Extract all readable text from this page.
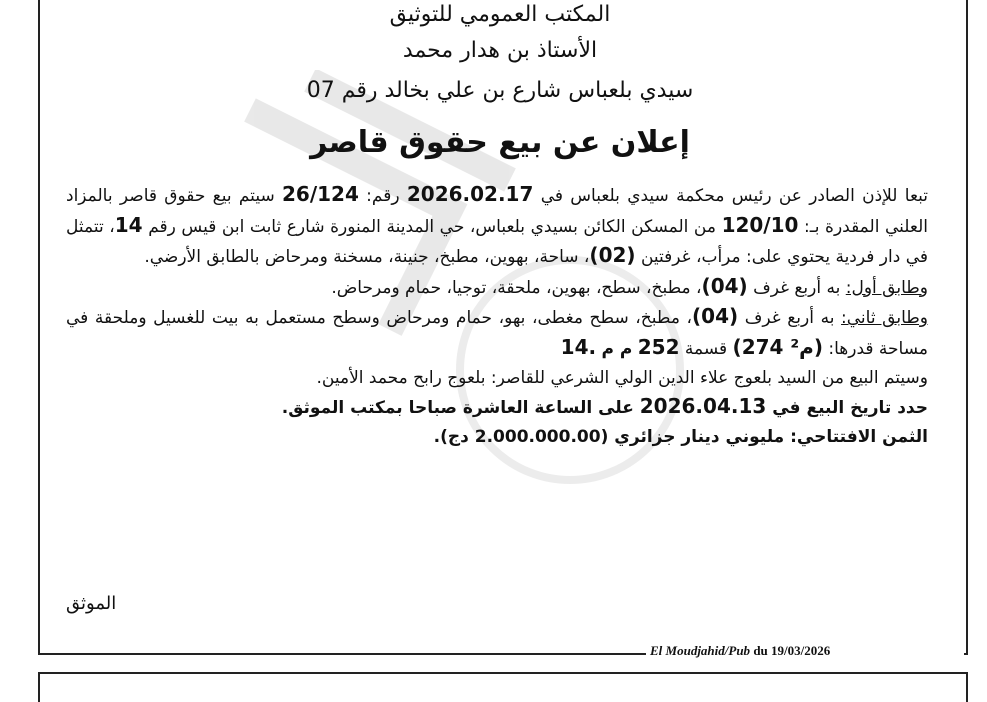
El Moudjahid/Pub du 19/03/2026
المكتب العمومي للتوثيق
الأستاذ بن هدار محمد
سيدي بلعباس شارع بن علي بخالد رقم 07
إعلان عن بيع حقوق قاصر

تبعا للإذن الصادر عن رئيس محكمة سيدي بلعباس في 2026.02.17 رقم: 26/124 سيتم بيع حقوق قاصر بالمزاد العلني المقدرة بـ: 120/10 من المسكن الكائن بسيدي بلعباس، حي المدينة المنورة شارع ثابت ابن قيس رقم 14، تتمثل في دار فردية يحتوي على: مرأب، غرفتين (02)، ساحة، بهوين، مطبخ، جنينة، مسخنة ومرحاض بالطابق الأرضي.

وطابق أول: به أربع غرف (04)، مطبخ، سطح، بهوين، ملحقة، توجيا، حمام ومرحاض.

وطابق ثاني: به أربع غرف (04)، مطبخ، سطح مغطى، بهو، حمام ومرحاض وسطح مستعمل به بيت للغسيل وملحقة في مساحة قدرها: (274 م²) قسمة 252 م م 14.

وسيتم البيع من السيد بلعوج علاء الدين الولي الشرعي للقاصر: بلعوج رابح محمد الأمين.

حدد تاريخ البيع في 2026.04.13 على الساعة العاشرة صباحا بمكتب الموثق.

الثمن الافتتاحي: مليوني دينار جزائري (2.000.000.00 دج).

الموثق
